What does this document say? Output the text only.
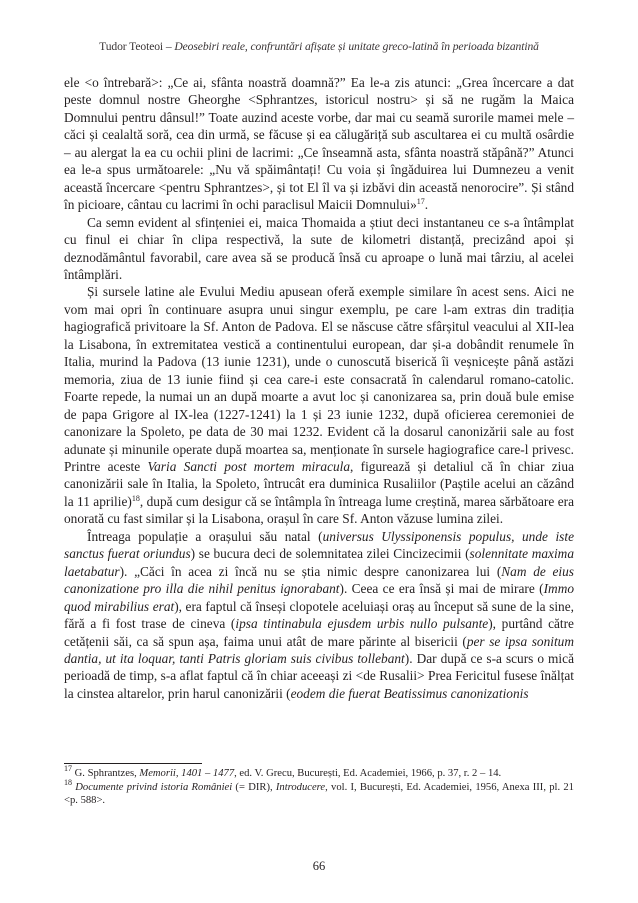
Tudor Teoteoi – Deosebiri reale, confruntări afișate și unitate greco-latină în perioada bizantină

ele <o întrebară>: „Ce ai, sfânta noastră doamnă?” Ea le-a zis atunci: „Grea încercare a dat peste domnul nostre Gheorghe <Sphrantzes, istoricul nostru> și să ne rugăm la Maica Domnului pentru dânsul!” Toate auzind aceste vorbe, dar mai cu seamă surorile mamei mele – căci și cealaltă soră, cea din urmă, se făcuse și ea călugăriță sub ascultarea ei cu multă osârdie – au alergat la ea cu ochii plini de lacrimi: „Ce înseamnă asta, sfânta noastră stăpână?” Atunci ea le-a spus următoarele: „Nu vă spăimântați! Cu voia și îngăduirea lui Dumnezeu a venit această încercare <pentru Sphrantzes>, și tot El îl va și izbăvi din această nenorocire”. Și stând în picioare, cântau cu lacrimi în ochi paraclisul Maicii Domnului»$^{17}$.

Ca semn evident al sfințeniei ei, maica Thomaida a știut deci instantaneu ce s-a întâmplat cu finul ei chiar în clipa respectivă, la sute de kilometri distanță, precizând apoi și deznodământul favorabil, care avea să se producă însă cu aproape o lună mai târziu, al acelei întâmplări.

Și sursele latine ale Evului Mediu apusean oferă exemple similare în acest sens. Aici ne vom mai opri în continuare asupra unui singur exemplu, pe care l-am extras din tradiția hagiografică privitoare la Sf. Anton de Padova. El se născuse către sfârșitul veacului al XII-lea la Lisabona, în extremitatea vestică a continentului european, dar și-a dobândit renumele în Italia, murind la Padova (13 iunie 1231), unde o cunoscută biserică îi veșnicește până astăzi memoria, ziua de 13 iunie fiind și cea care-i este consacrată în calendarul romano-catolic. Foarte repede, la numai un an după moarte a avut loc și canonizarea sa, prin două bule emise de papa Grigore al IX-lea (1227-1241) la 1 și 23 iunie 1232, după oficierea ceremoniei de canonizare la Spoleto, pe data de 30 mai 1232. Evident că la dosarul canonizării sale au fost adunate și minunile operate după moartea sa, menționate în sursele hagiografice care-l privesc. Printre aceste Varia Sancti post mortem miracula, figurează și detaliul că în chiar ziua canonizării sale în Italia, la Spoleto, întrucât era duminica Rusaliilor (Paștile acelui an căzând la 11 aprilie)$^{18}$, după cum desigur că se întâmpla în întreaga lume creștină, marea sărbătoare era onorată cu fast similar și la Lisabona, orașul în care Sf. Anton văzuse lumina zilei.

Întreaga populație a orașului său natal (universus Ulyssiponensis populus, unde iste sanctus fuerat oriundus) se bucura deci de solemnitatea zilei Cincizecimii (solennitate maxima laetabatur). „Căci în acea zi încă nu se știa nimic despre canonizarea lui (Nam de eius canonizatione pro illa die nihil penitus ignorabant). Ceea ce era însă și mai de mirare (Immo quod mirabilius erat), era faptul că înseși clopotele aceluiași oraș au început să sune de la sine, fără a fi fost trase de cineva (ipsa tintinabula ejusdem urbis nullo pulsante), purtând către cetățenii săi, ca să spun așa, faima unui atât de mare părinte al bisericii (per se ipsa sonitum dantia, ut ita loquar, tanti Patris gloriam suis civibus tollebant). Dar după ce s-a scurs o mică perioadă de timp, s-a aflat faptul că în chiar aceeași zi <de Rusalii> Prea Fericitul fusese înălțat la cinstea altarelor, prin harul canonizării (eodem die fuerat Beatissimus canonizationis

$^{17}$ G. Sphrantzes, Memorii, 1401 – 1477, ed. V. Grecu, București, Ed. Academiei, 1966, p. 37, r. 2 – 14.

$^{18}$ Documente privind istoria României (= DIR), Introducere, vol. I, București, Ed. Academiei, 1956, Anexa III, pl. 21 <p. 588>.

66
